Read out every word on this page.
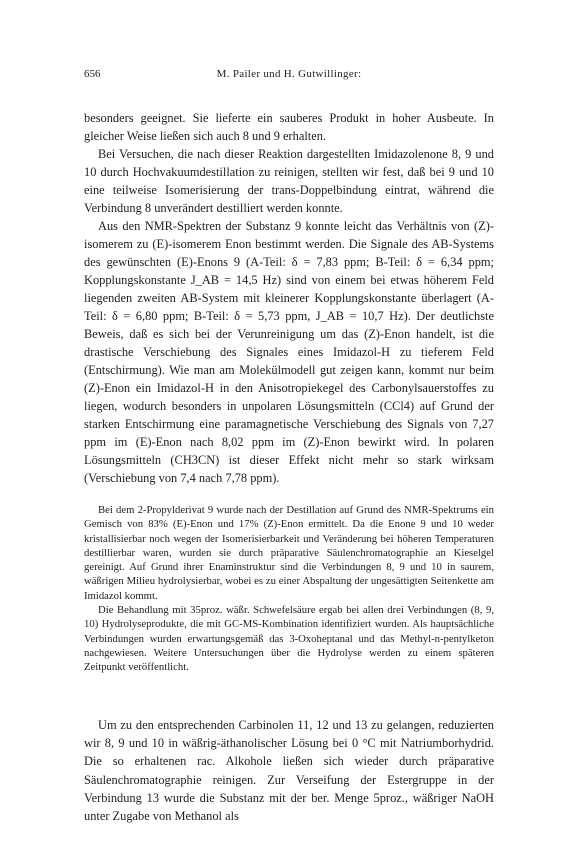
656	M. Pailer und H. Gutwillinger:

besonders geeignet. Sie lieferte ein sauberes Produkt in hoher Ausbeute. In gleicher Weise ließen sich auch 8 und 9 erhalten.

Bei Versuchen, die nach dieser Reaktion dargestellten Imidazolenone 8, 9 und 10 durch Hochvakuumdestillation zu reinigen, stellten wir fest, daß bei 9 und 10 eine teilweise Isomerisierung der trans-Doppelbindung eintrat, während die Verbindung 8 unverändert destilliert werden konnte.

Aus den NMR-Spektren der Substanz 9 konnte leicht das Verhältnis von (Z)-isomerem zu (E)-isomerem Enon bestimmt werden. Die Signale des AB-Systems des gewünschten (E)-Enons 9 (A-Teil: δ = 7,83 ppm; B-Teil: δ = 6,34 ppm; Kopplungskonstante J_AB = 14,5 Hz) sind von einem bei etwas höherem Feld liegenden zweiten AB-System mit kleinerer Kopplungskonstante überlagert (A-Teil: δ = 6,80 ppm; B-Teil: δ = 5,73 ppm, J_AB = 10,7 Hz). Der deutlichste Beweis, daß es sich bei der Verunreinigung um das (Z)-Enon handelt, ist die drastische Verschiebung des Signales eines Imidazol-H zu tieferem Feld (Entschirmung). Wie man am Molekülmodell gut zeigen kann, kommt nur beim (Z)-Enon ein Imidazol-H in den Anisotropiekegel des Carbonylsauerstoffes zu liegen, wodurch besonders in unpolaren Lösungsmitteln (CCl4) auf Grund der starken Entschirmung eine paramagnetische Verschiebung des Signals von 7,27 ppm im (E)-Enon nach 8,02 ppm im (Z)-Enon bewirkt wird. In polaren Lösungsmitteln (CH3CN) ist dieser Effekt nicht mehr so stark wirksam (Verschiebung von 7,4 nach 7,78 ppm).

Bei dem 2-Propylderivat 9 wurde nach der Destillation auf Grund des NMR-Spektrums ein Gemisch von 83% (E)-Enon und 17% (Z)-Enon ermittelt. Da die Enone 9 und 10 weder kristallisierbar noch wegen der Isomerisierbarkeit und Veränderung bei höheren Temperaturen destillierbar waren, wurden sie durch präparative Säulenchromatographie an Kieselgel gereinigt. Auf Grund ihrer Enaminstruktur sind die Verbindungen 8, 9 und 10 in saurem, wäßrigen Milieu hydrolysierbar, wobei es zu einer Abspaltung der ungesättigten Seitenkette am Imidazol kommt.

Die Behandlung mit 35proz. wäßr. Schwefelsäure ergab bei allen drei Verbindungen (8, 9, 10) Hydrolyseprodukte, die mit GC-MS-Kombination identifiziert wurden. Als hauptsächliche Verbindungen wurden erwartungsgemäß das 3-Oxoheptanal und das Methyl-n-pentylketon nachgewiesen. Weitere Untersuchungen über die Hydrolyse werden zu einem späteren Zeitpunkt veröffentlicht.

Um zu den entsprechenden Carbinolen 11, 12 und 13 zu gelangen, reduzierten wir 8, 9 und 10 in wäßrig-äthanolischer Lösung bei 0 °C mit Natriumborhydrid. Die so erhaltenen rac. Alkohole ließen sich wieder durch präparative Säulenchromatographie reinigen. Zur Verseifung der Estergruppe in der Verbindung 13 wurde die Substanz mit der ber. Menge 5proz., wäßriger NaOH unter Zugabe von Methanol als
